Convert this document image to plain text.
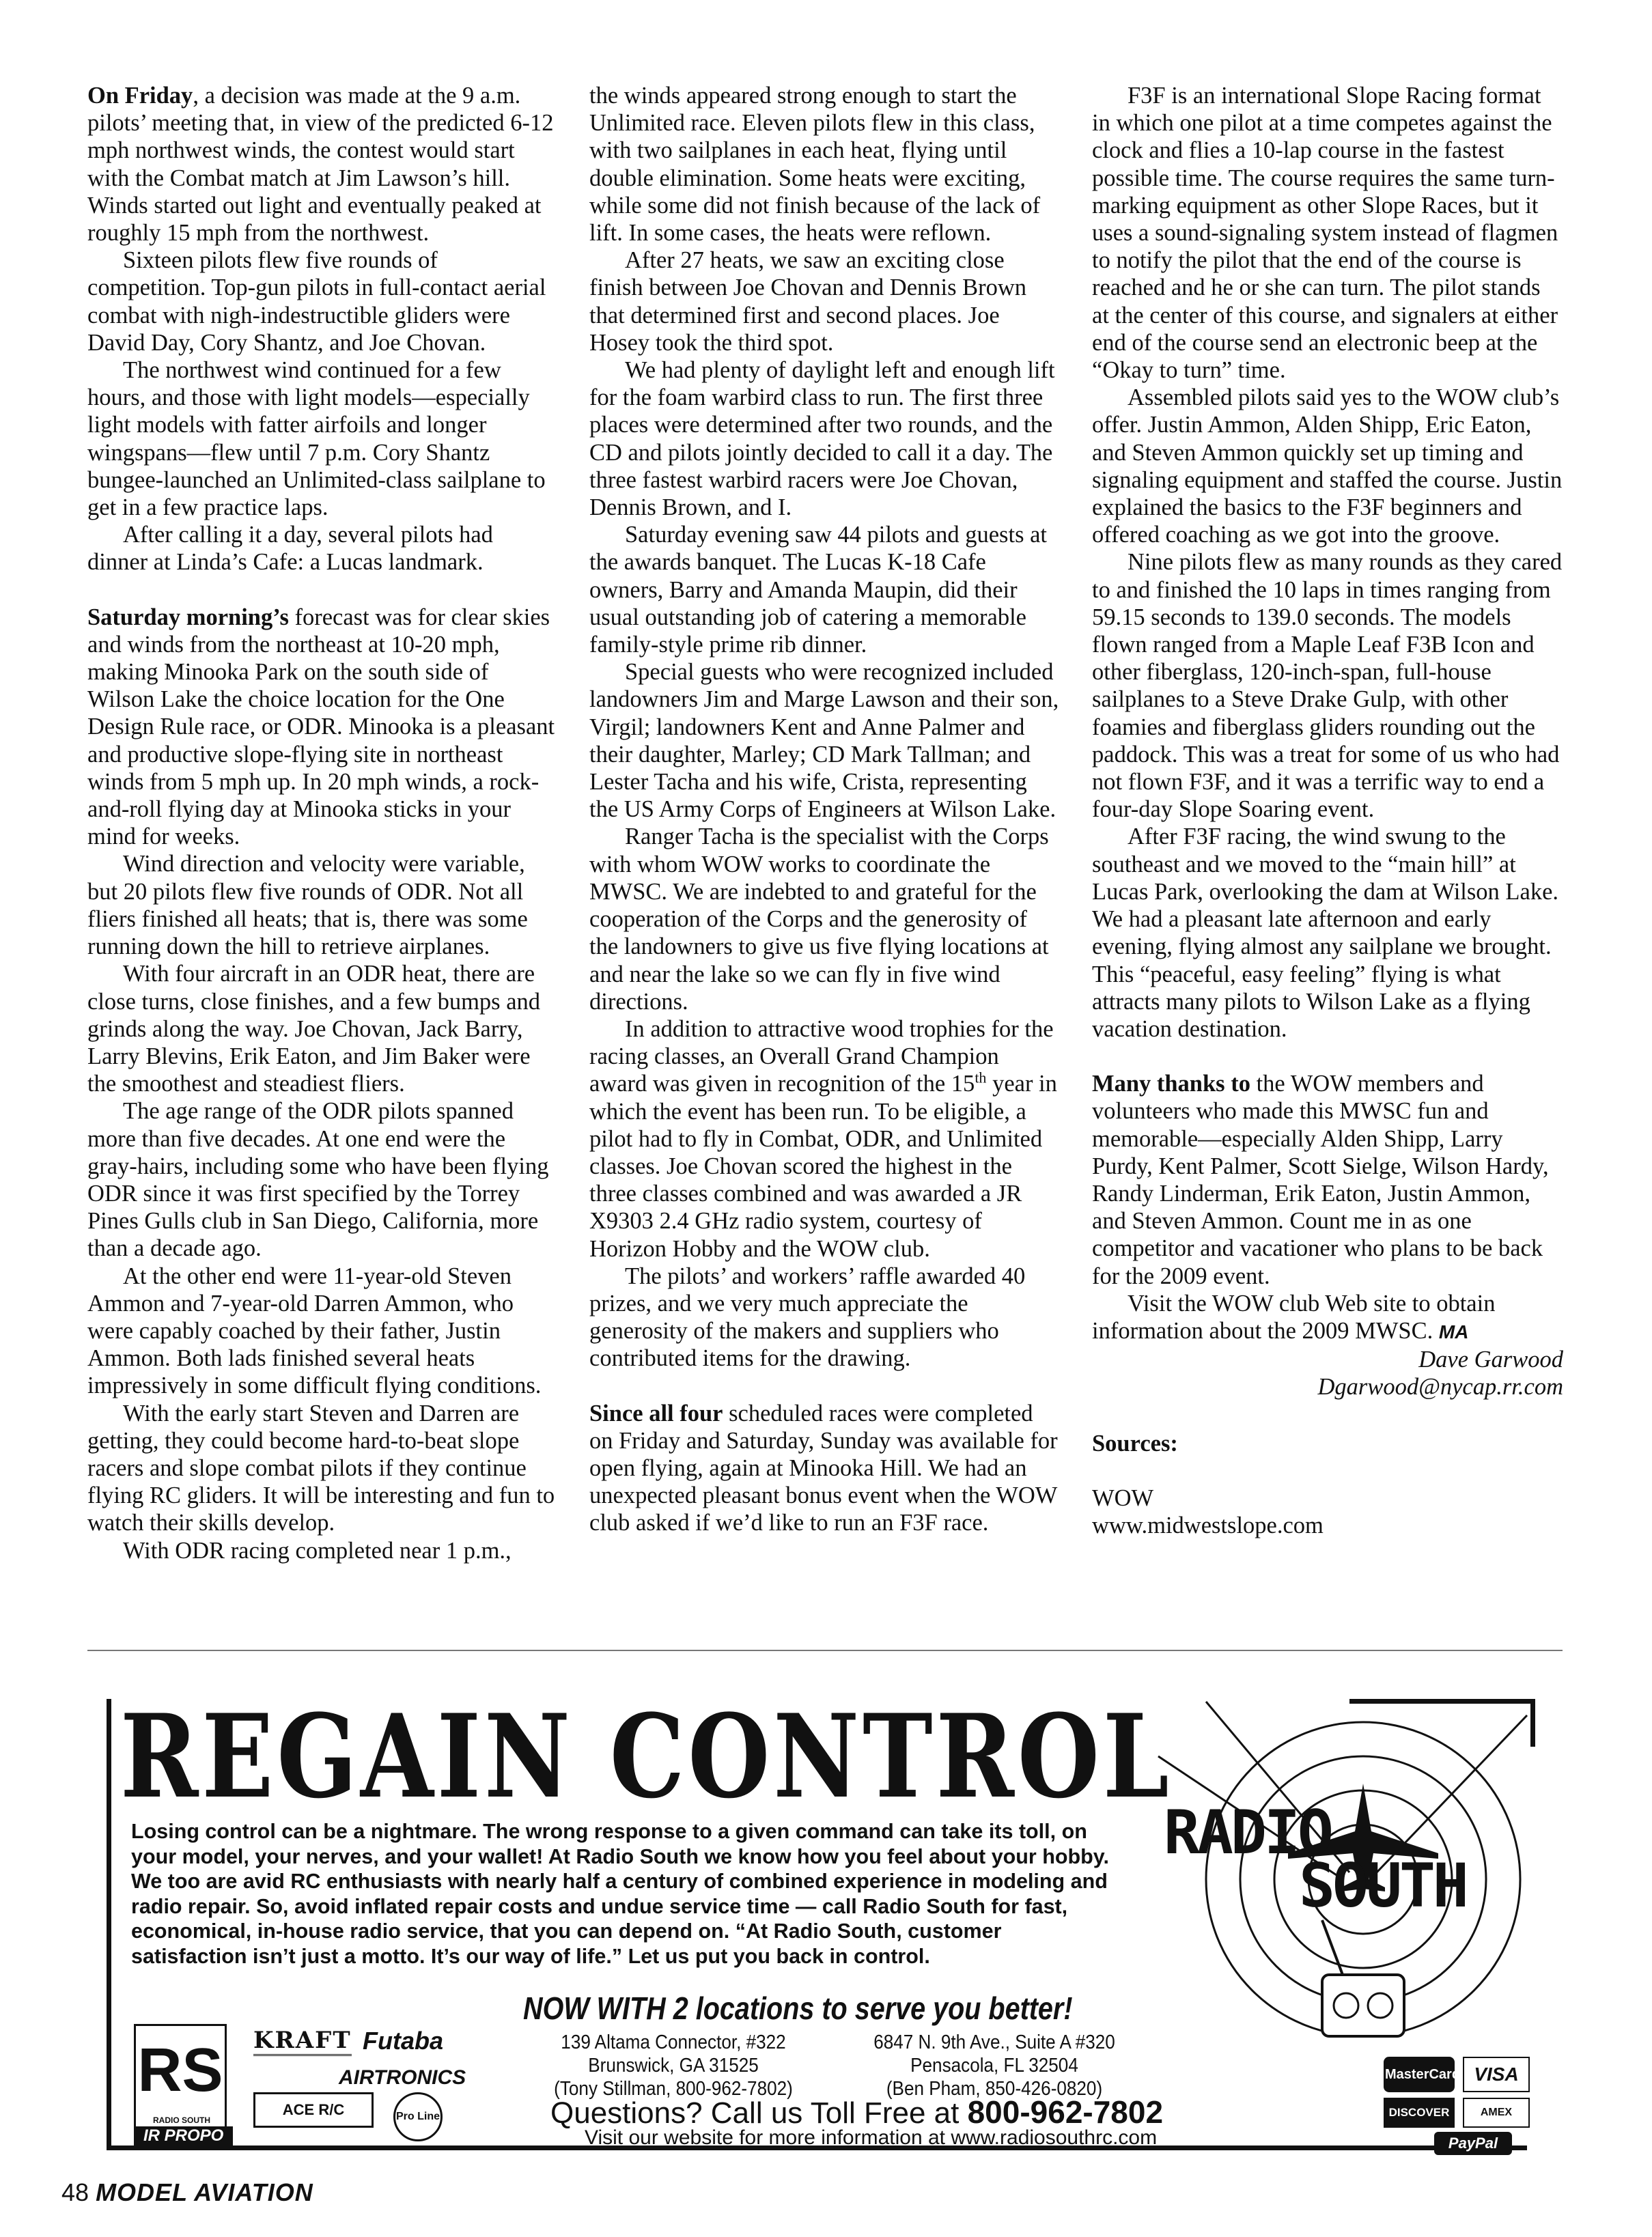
On Friday, a decision was made at the 9 a.m. pilots’ meeting that, in view of the predicted 6-12 mph northwest winds, the contest would start with the Combat match at Jim Lawson’s hill. Winds started out light and eventually peaked at roughly 15 mph from the northwest.

Sixteen pilots flew five rounds of competition. Top-gun pilots in full-contact aerial combat with nigh-indestructible gliders were David Day, Cory Shantz, and Joe Chovan.

The northwest wind continued for a few hours, and those with light models—especially light models with fatter airfoils and longer wingspans—flew until 7 p.m. Cory Shantz bungee-launched an Unlimited-class sailplane to get in a few practice laps.

After calling it a day, several pilots had dinner at Linda’s Cafe: a Lucas landmark.

Saturday morning’s forecast was for clear skies and winds from the northeast at 10-20 mph, making Minooka Park on the south side of Wilson Lake the choice location for the One Design Rule race, or ODR. Minooka is a pleasant and productive slope-flying site in northeast winds from 5 mph up. In 20 mph winds, a rock-and-roll flying day at Minooka sticks in your mind for weeks.

Wind direction and velocity were variable, but 20 pilots flew five rounds of ODR. Not all fliers finished all heats; that is, there was some running down the hill to retrieve airplanes.

With four aircraft in an ODR heat, there are close turns, close finishes, and a few bumps and grinds along the way. Joe Chovan, Jack Barry, Larry Blevins, Erik Eaton, and Jim Baker were the smoothest and steadiest fliers.

The age range of the ODR pilots spanned more than five decades. At one end were the gray-hairs, including some who have been flying ODR since it was first specified by the Torrey Pines Gulls club in San Diego, California, more than a decade ago.

At the other end were 11-year-old Steven Ammon and 7-year-old Darren Ammon, who were capably coached by their father, Justin Ammon. Both lads finished several heats impressively in some difficult flying conditions.

With the early start Steven and Darren are getting, they could become hard-to-beat slope racers and slope combat pilots if they continue flying RC gliders. It will be interesting and fun to watch their skills develop.

With ODR racing completed near 1 p.m.,

the winds appeared strong enough to start the Unlimited race. Eleven pilots flew in this class, with two sailplanes in each heat, flying until double elimination. Some heats were exciting, while some did not finish because of the lack of lift. In some cases, the heats were reflown.

After 27 heats, we saw an exciting close finish between Joe Chovan and Dennis Brown that determined first and second places. Joe Hosey took the third spot.

We had plenty of daylight left and enough lift for the foam warbird class to run. The first three places were determined after two rounds, and the CD and pilots jointly decided to call it a day. The three fastest warbird racers were Joe Chovan, Dennis Brown, and I.

Saturday evening saw 44 pilots and guests at the awards banquet. The Lucas K-18 Cafe owners, Barry and Amanda Maupin, did their usual outstanding job of catering a memorable family-style prime rib dinner.

Special guests who were recognized included landowners Jim and Marge Lawson and their son, Virgil; landowners Kent and Anne Palmer and their daughter, Marley; CD Mark Tallman; and Lester Tacha and his wife, Crista, representing the US Army Corps of Engineers at Wilson Lake.

Ranger Tacha is the specialist with the Corps with whom WOW works to coordinate the MWSC. We are indebted to and grateful for the cooperation of the Corps and the generosity of the landowners to give us five flying locations at and near the lake so we can fly in five wind directions.

In addition to attractive wood trophies for the racing classes, an Overall Grand Champion award was given in recognition of the 15th year in which the event has been run. To be eligible, a pilot had to fly in Combat, ODR, and Unlimited classes. Joe Chovan scored the highest in the three classes combined and was awarded a JR X9303 2.4 GHz radio system, courtesy of Horizon Hobby and the WOW club.

The pilots’ and workers’ raffle awarded 40 prizes, and we very much appreciate the generosity of the makers and suppliers who contributed items for the drawing.

Since all four scheduled races were completed on Friday and Saturday, Sunday was available for open flying, again at Minooka Hill. We had an unexpected pleasant bonus event when the WOW club asked if we’d like to run an F3F race.

F3F is an international Slope Racing format in which one pilot at a time competes against the clock and flies a 10-lap course in the fastest possible time. The course requires the same turn-marking equipment as other Slope Races, but it uses a sound-signaling system instead of flagmen to notify the pilot that the end of the course is reached and he or she can turn. The pilot stands at the center of this course, and signalers at either end of the course send an electronic beep at the “Okay to turn” time.

Assembled pilots said yes to the WOW club’s offer. Justin Ammon, Alden Shipp, Eric Eaton, and Steven Ammon quickly set up timing and signaling equipment and staffed the course. Justin explained the basics to the F3F beginners and offered coaching as we got into the groove.

Nine pilots flew as many rounds as they cared to and finished the 10 laps in times ranging from 59.15 seconds to 139.0 seconds. The models flown ranged from a Maple Leaf F3B Icon and other fiberglass, 120-inch-span, full-house sailplanes to a Steve Drake Gulp, with other foamies and fiberglass gliders rounding out the paddock. This was a treat for some of us who had not flown F3F, and it was a terrific way to end a four-day Slope Soaring event.

After F3F racing, the wind swung to the southeast and we moved to the “main hill” at Lucas Park, overlooking the dam at Wilson Lake. We had a pleasant late afternoon and early evening, flying almost any sailplane we brought. This “peaceful, easy feeling” flying is what attracts many pilots to Wilson Lake as a flying vacation destination.

Many thanks to the WOW members and volunteers who made this MWSC fun and memorable—especially Alden Shipp, Larry Purdy, Kent Palmer, Scott Sielge, Wilson Hardy, Randy Linderman, Erik Eaton, Justin Ammon, and Steven Ammon. Count me in as one competitor and vacationer who plans to be back for the 2009 event.

Visit the WOW club Web site to obtain information about the 2009 MWSC. MA

Dave Garwood

Dgarwood@nycap.rr.com

Sources:

WOW

www.midwestslope.com

REGAIN CONTROL
RADIO
SOUTH
Losing control can be a nightmare. The wrong response to a given command can take its toll, on your model, your nerves, and your wallet! At Radio South we know how you feel about your hobby. We too are avid RC enthusiasts with nearly half a century of combined experience in modeling and radio repair. So, avoid inflated repair costs and undue service time — call Radio South for fast, economical, in-house radio service, that you can depend on. “At Radio South, customer satisfaction isn’t just a motto. It’s our way of life.” Let us put you back in control.
NOW WITH 2 locations to serve you better!
139 Altama Connector, #322
Brunswick, GA 31525
(Tony Stillman, 800-962-7802)
6847 N. 9th Ave., Suite A #320
Pensacola, FL 32504
(Ben Pham, 850-426-0820)
Questions? Call us Toll Free at 800-962-7802
Visit our website for more information at www.radiosouthrc.com
RS
RADIO SOUTH
KRAFT Futaba
AIRTRONICS
ACE R/C	Pro Line
IR PROPO
MasterCard VISA
DISCOVER	AMEX
PayPal
48 MODEL AVIATION
